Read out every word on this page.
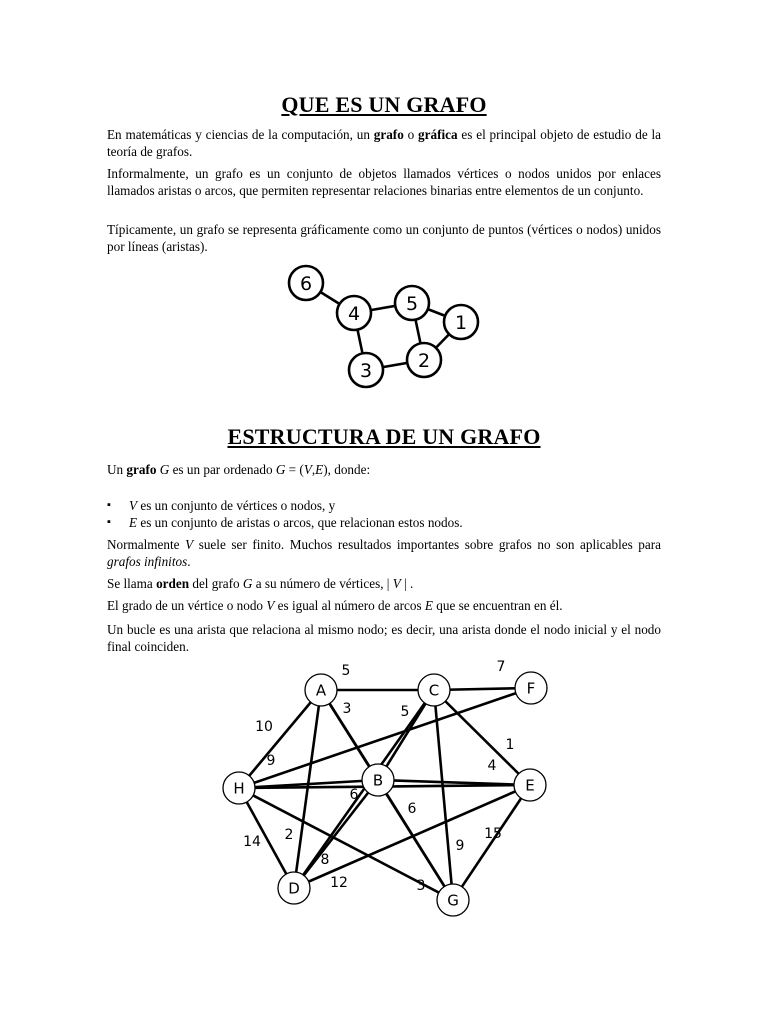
QUE ES UN GRAFO

En matemáticas y ciencias de la computación, un grafo o gráfica es el principal objeto de estudio de la teoría de grafos.

Informalmente, un grafo es un conjunto de objetos llamados vértices o nodos unidos por enlaces llamados aristas o arcos, que permiten representar relaciones binarias entre elementos de un conjunto.

Típicamente, un grafo se representa gráficamente como un conjunto de puntos (vértices o nodos) unidos por líneas (aristas).

6
4 5
1
2
3
ESTRUCTURA DE UN GRAFO

Un grafo G es un par ordenado G = (V,E), donde:

▪ V es un conjunto de vértices o nodos, y
▪ E es un conjunto de aristas o arcos, que relacionan estos nodos.

Normalmente V suele ser finito. Muchos resultados importantes sobre grafos no son aplicables para grafos infinitos.

Se llama orden del grafo G a su número de vértices, | V | .

El grado de un vértice o nodo V es igual al número de arcos E que se encuentran en él.

Un bucle es una arista que relaciona al mismo nodo; es decir, una arista donde el nodo inicial y el nodo final coinciden.

5	7
3	5
10
9
1
4
6
6
14 2
8
12	3
9
15
A	C	F
H	B	E
D
G
